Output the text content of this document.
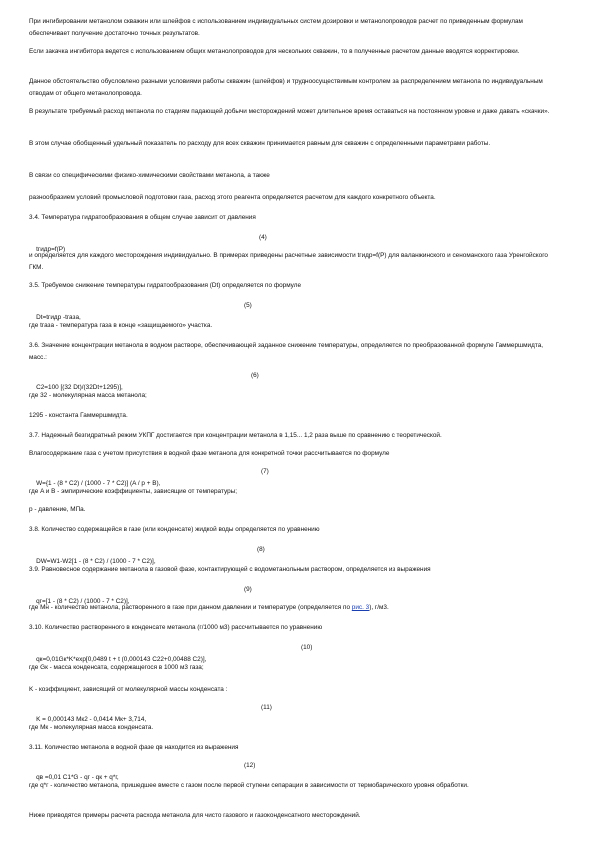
При ингибировании метанолом скважин или шлейфов с использованием индивидуальных систем дозировки и метанолопроводов расчет по приведенным формулам обеспечивает получение достаточно точных результатов.
Если закачка ингибитора ведется с использованием общих метанолопроводов для нескольких скважин, то в полученные расчетом данные вводятся корректировки.
Данное обстоятельство обусловлено разными условиями работы скважин (шлейфов) и трудноосуществимым контролем за распределением метанола по индивидуальным отводам от общего метанолопровода.
В результате требуемый расход метанола по стадиям падающей добычи месторождений может длительное время оставаться на постоянном уровне и даже давать «скачки».
В этом случае обобщенный удельный показатель по расходу для всех скважин принимается равным для скважин с определенными параметрами работы.
В связи со специфическими физико-химическими свойствами метанола, а также
разнообразием условий промысловой подготовки газа, расход этого реагента определяется расчетом для каждого конкретного объекта.
3.4. Температура гидратообразования в общем случае зависит от давления

tгидр=f(P)

(4)

и определяется для каждого месторождения индивидуально. В примерах приведены расчетные зависимости tгидр=f(P) для валанжинского и сеноманского газа Уренгойского ГКМ.
3.5. Требуемое снижение температуры гидратообразования (Dt) определяется по формуле

Dt=tгидр -tгаза,

(5)

где tгаза - температура газа в конце «защищаемого» участка.
3.6. Значение концентрации метанола в водном растворе, обеспечивающей заданное снижение температуры, определяется по преобразованной формуле Гаммершмидта, масс.:

C2=100 [(32 Dt)/(32Dt+1295)],

(6)

где 32 - молекулярная масса метанола;
1295 - константа Гаммершмидта.
3.7. Надежный безгидратный режим УКПГ достигается при концентрации метанола в 1,15... 1,2 раза выше по сравнению с теоретической.
Влагосодержание газа с учетом присутствия в водной фазе метанола для конкретной точки рассчитывается по формуле

W={1 - (8 * C2) / (1000 - 7 * C2)] (A / p + B),

(7)

где A и B - эмпирические коэффициенты, зависящие от температуры;
р - давление, МПа.
3.8. Количество содержащейся в газе (или конденсате) жидкой воды определяется по уравнению

DW=W1-W2[1 - (8 * C2) / (1000 - 7 * C2)],

(8)

3.9. Равновесное содержание метанола в газовой фазе, контактирующей с водометанольным раствором, определяется из выражения

qг=[1 - (8 * C2) / (1000 - 7 * C2)],

(9)

где Mн - количество метанола, растворенного в газе при данном давлении и температуре (определяется по рис. 3), г/м3.
3.10. Количество растворенного в конденсате метанола (г/1000 м3) рассчитывается по уравнению

qк=0,01Gк*K*exp[0,0489 t + t (0,000143 C22+0,00488 C2)],

(10)

где Gк - масса конденсата, содержащегося в 1000 м3 газа;
K - коэффициент, зависящий от молекулярной массы конденсата :

K = 0,000143 Mк2 - 0,0414 Mк+ 3,714,

(11)

где Mк - молекулярная масса конденсата.
3.11. Количество метанола в водной фазе qв находится из выражения

qв =0,01 C1*G - qг - qк + q*г,

(12)

где q*г - количество метанола, пришедшее вместе с газом после первой ступени сепарации в зависимости от термобарического уровня обработки.
Ниже приводятся примеры расчета расхода метанола для чисто газового и газоконденсатного месторождений.
